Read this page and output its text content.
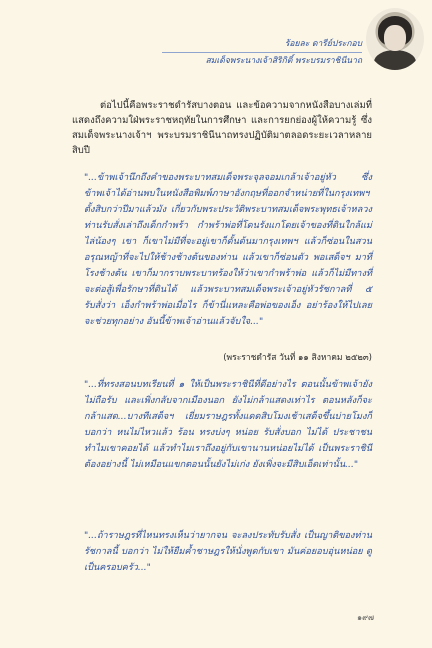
ร้อยละ ดารีย์ประกอบ
สมเด็จพระนางเจ้าสิริกิติ์ พระบรมราชินีนาถ

ต่อไปนี้คือพระราชดำรัสบางตอน และข้อความจากหนังสือบางเล่มที่แสดงถึงความใฝ่พระราชหฤทัยในการศึกษา และการยกย่องผู้ให้ความรู้ ซึ่งสมเด็จพระนางเจ้าฯ พระบรมราชินีนาถทรงปฏิบัติมาตลอดระยะเวลาหลายสิบปี

"...ข้าพเจ้านึกถึงคำของพระบาทสมเด็จพระจุลจอมเกล้าเจ้าอยู่หัว ซึ่งข้าพเจ้าได้อ่านพบในหนังสือพิมพ์ภาษาอังกฤษที่ออกจำหน่ายที่ในกรุงเทพฯ ตั้งสิบกว่าปีมาแล้วมัง เกี่ยวกับพระประวัติพระบาทสมเด็จพระพุทธเจ้าหลวงท่านรับสั่งเล่าถึงเด็กกำพร้า กำพร้าพ่อที่โดนรังแกโดยเจ้าของที่ดินใกล้แม่ไล่น้องๆ เขา ก็เขาไม่มีที่จะอยู่เขาก็ดั้นด้นมากรุงเทพฯ แล้วก็ซ่อนในสวนอรุณหญ้าที่จะไปให้ช้างช้างต้นของท่าน แล้วเขาก็ซ่อนตัว พอเสด็จฯ มาที่โรงช้างต้น เขาก็มากราบพระบาทร้องให้ว่าเขากำพร้าพ่อ แล้วก็ไม่มีทางที่จะต่อสู้เพื่อรักษาที่ดินได้ แล้วพระบาทสมเด็จพระเจ้าอยู่หัวรัชกาลที่ ๕ รับสั่งว่า เอ็งกำพร้าพ่อเมื่อไร ก็ข้านี่แหละคือพ่อของเอ็ง อย่าร้องให้ไปเลย จะช่วยทุกอย่าง อันนี้ข้าพเจ้าอ่านแล้วจับใจ..."

(พระราชดำรัส วันที่ ๑๑ สิงหาคม ๒๕๒๓)

"...ที่ทรงสอนบทเรียนที่ ๑ ให้เป็นพระราชินีที่ดีอย่างไร ตอนนั้นข้าพเจ้ายังไม่ถือรับ และเพิ่งกลับจากเมืองนอก ยังไม่กล้าแสดงเท่าไร ตอนหลังก็จะกล้าแสด...บางทีเสด็จฯ เยี่ยมราษฎรทั้งแดดสิบโมงเช้าเสด็จขึ้นบ่ายโมงก็บอกว่า หนไม่ไหวแล้ว ร้อน ทรงบ่งๆ หน่อย รับสั่งบอก ไม่ได้ ประชาชนทำไมเขาคอยได้ แล้วทำไมเราถึงอยู่กับเขานานหน่อยไม่ได้ เป็นพระราชินีต้องอย่างนี้ ไม่เหมือนแขกตอนนั้นยังไม่เก่ง ยังเพิ่งจะมีสิบเอ็ดเท่านั้น..."

"...ถ้าราษฎรที่ไหนทรงเห็นว่ายากจน จะลงประทับรับสั่ง เป็นญาติของท่าน รัชกาลนี้ บอกว่า ไม่ให้ยืมค้ำชาษฎรให้นั่งพูดกับเขา มันค่อยอบอุ่นหน่อย ดูเป็นครอบครัว..."

๑๙๗
